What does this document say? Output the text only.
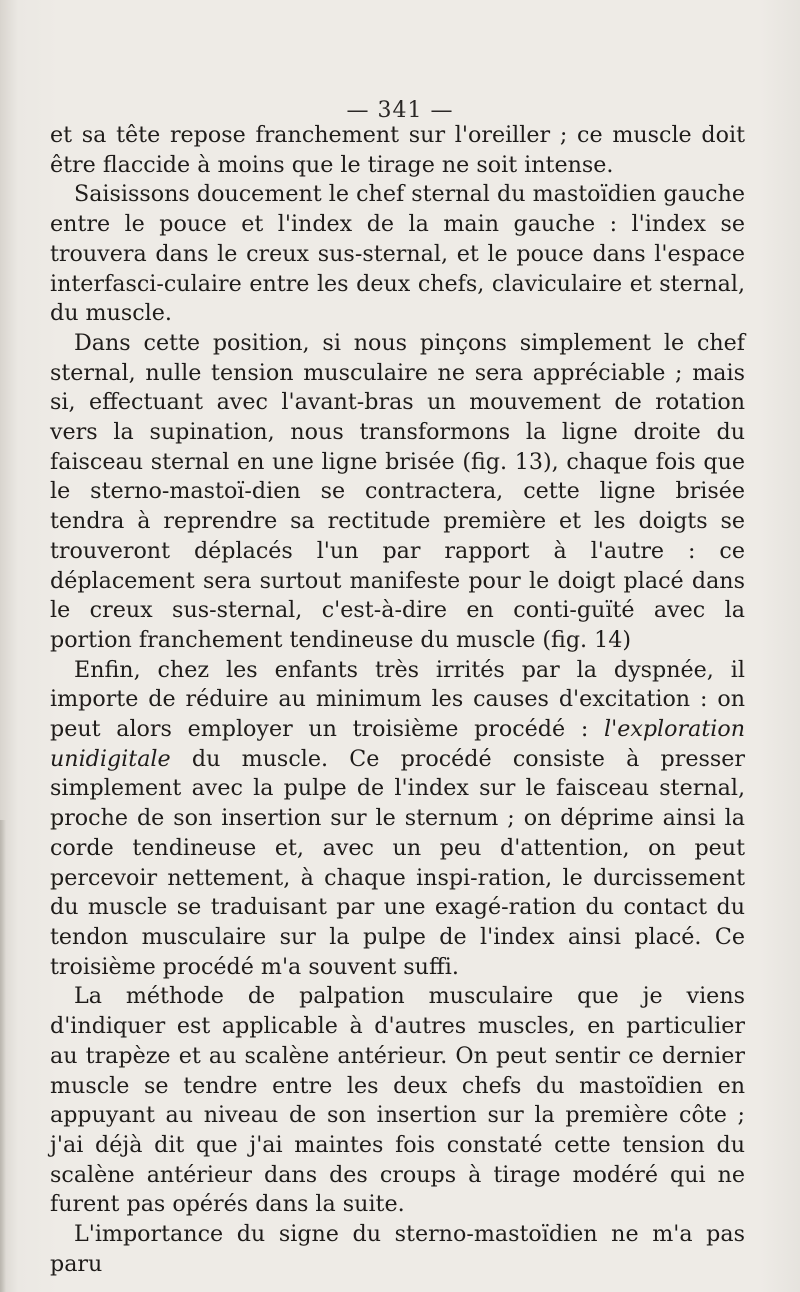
— 341 —

et sa tête repose franchement sur l'oreiller ; ce muscle doit être flaccide à moins que le tirage ne soit intense.

Saisissons doucement le chef sternal du mastoïdien gauche entre le pouce et l'index de la main gauche : l'index se trouvera dans le creux sus-sternal, et le pouce dans l'espace interfasci-culaire entre les deux chefs, claviculaire et sternal, du muscle.

Dans cette position, si nous pinçons simplement le chef sternal, nulle tension musculaire ne sera appréciable ; mais si, effectuant avec l'avant-bras un mouvement de rotation vers la supination, nous transformons la ligne droite du faisceau sternal en une ligne brisée (fig. 13), chaque fois que le sterno-mastoï-dien se contractera, cette ligne brisée tendra à reprendre sa rectitude première et les doigts se trouveront déplacés l'un par rapport à l'autre : ce déplacement sera surtout manifeste pour le doigt placé dans le creux sus-sternal, c'est-à-dire en conti-guïté avec la portion franchement tendineuse du muscle (fig. 14)

Enfin, chez les enfants très irrités par la dyspnée, il importe de réduire au minimum les causes d'excitation : on peut alors employer un troisième procédé : l'exploration unidigitale du muscle. Ce procédé consiste à presser simplement avec la pulpe de l'index sur le faisceau sternal, proche de son insertion sur le sternum ; on déprime ainsi la corde tendineuse et, avec un peu d'attention, on peut percevoir nettement, à chaque inspi-ration, le durcissement du muscle se traduisant par une exagé-ration du contact du tendon musculaire sur la pulpe de l'index ainsi placé. Ce troisième procédé m'a souvent suffi.

La méthode de palpation musculaire que je viens d'indiquer est applicable à d'autres muscles, en particulier au trapèze et au scalène antérieur. On peut sentir ce dernier muscle se tendre entre les deux chefs du mastoïdien en appuyant au niveau de son insertion sur la première côte ; j'ai déjà dit que j'ai maintes fois constaté cette tension du scalène antérieur dans des croups à tirage modéré qui ne furent pas opérés dans la suite.

L'importance du signe du sterno-mastoïdien ne m'a pas paru
